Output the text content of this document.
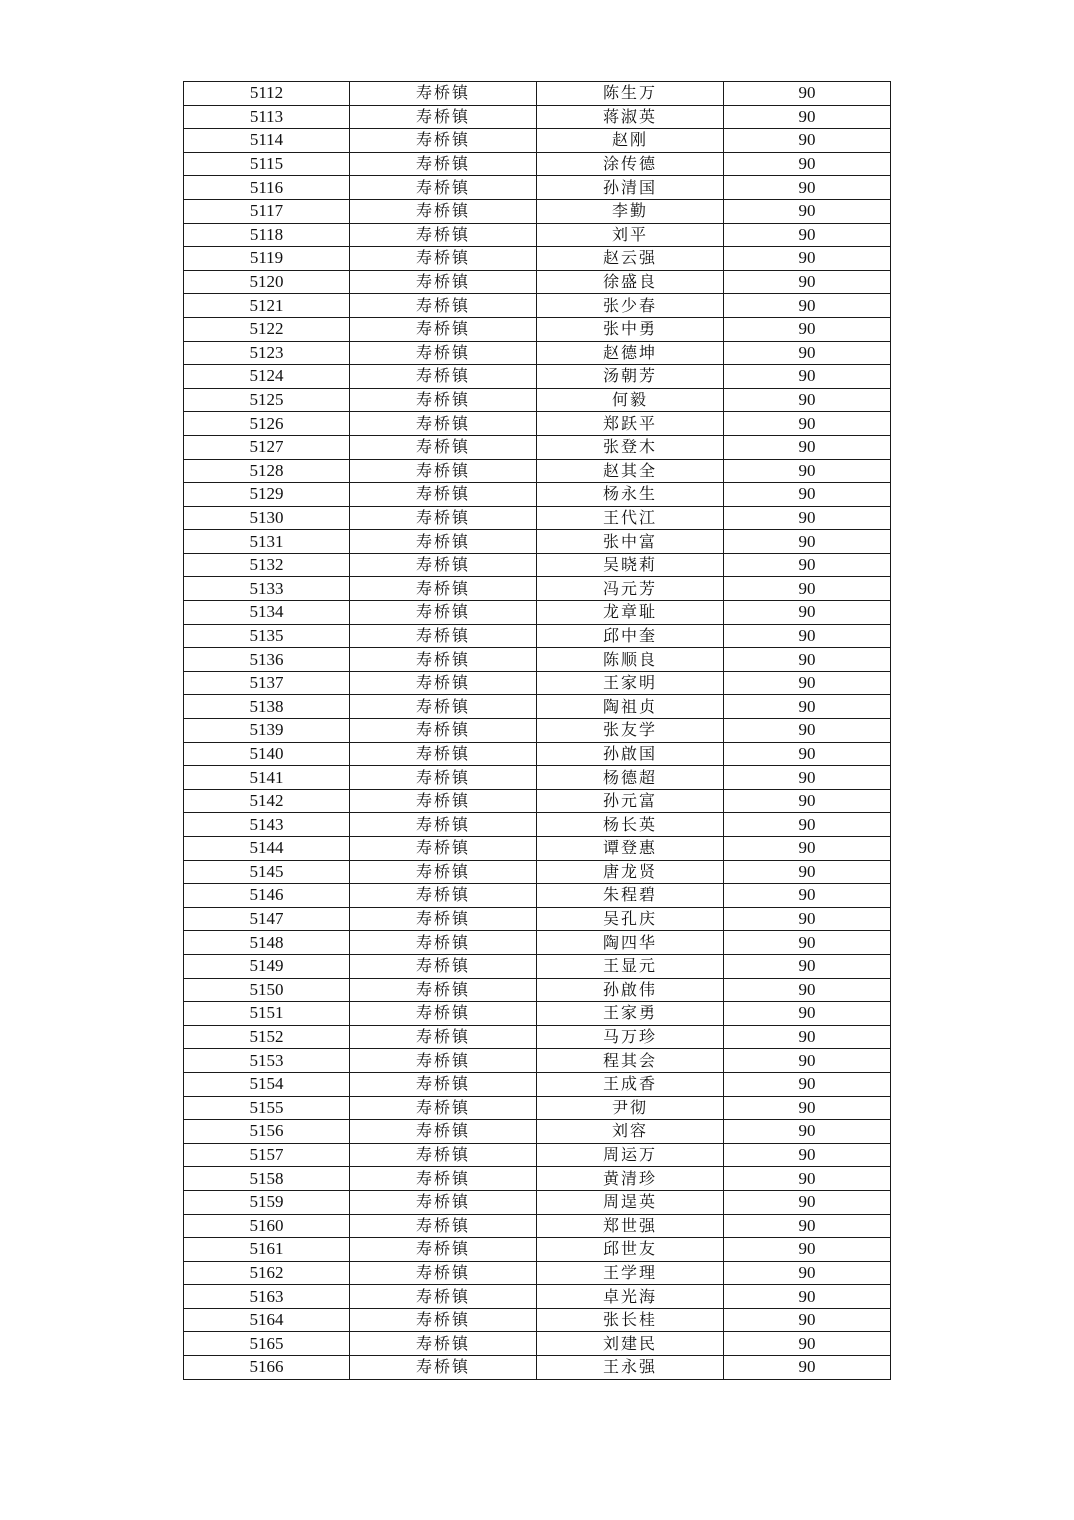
5112	寿桥镇	陈生万	90
5113	寿桥镇	蒋淑英	90
5114	寿桥镇	赵刚	90
5115	寿桥镇	涂传德	90
5116	寿桥镇	孙清国	90
5117	寿桥镇	李勤	90
5118	寿桥镇	刘平	90
5119	寿桥镇	赵云强	90
5120	寿桥镇	徐盛良	90
5121	寿桥镇	张少春	90
5122	寿桥镇	张中勇	90
5123	寿桥镇	赵德坤	90
5124	寿桥镇	汤朝芳	90
5125	寿桥镇	何毅	90
5126	寿桥镇	郑跃平	90
5127	寿桥镇	张登木	90
5128	寿桥镇	赵其全	90
5129	寿桥镇	杨永生	90
5130	寿桥镇	王代江	90
5131	寿桥镇	张中富	90
5132	寿桥镇	吴晓莉	90
5133	寿桥镇	冯元芳	90
5134	寿桥镇	龙章耻	90
5135	寿桥镇	邱中奎	90
5136	寿桥镇	陈顺良	90
5137	寿桥镇	王家明	90
5138	寿桥镇	陶祖贞	90
5139	寿桥镇	张友学	90
5140	寿桥镇	孙啟国	90
5141	寿桥镇	杨德超	90
5142	寿桥镇	孙元富	90
5143	寿桥镇	杨长英	90
5144	寿桥镇	谭登惠	90
5145	寿桥镇	唐龙贤	90
5146	寿桥镇	朱程碧	90
5147	寿桥镇	吴孔庆	90
5148	寿桥镇	陶四华	90
5149	寿桥镇	王显元	90
5150	寿桥镇	孙啟伟	90
5151	寿桥镇	王家勇	90
5152	寿桥镇	马万珍	90
5153	寿桥镇	程其会	90
5154	寿桥镇	王成香	90
5155	寿桥镇	尹彻	90
5156	寿桥镇	刘容	90
5157	寿桥镇	周运万	90
5158	寿桥镇	黄清珍	90
5159	寿桥镇	周逞英	90
5160	寿桥镇	郑世强	90
5161	寿桥镇	邱世友	90
5162	寿桥镇	王学理	90
5163	寿桥镇	卓光海	90
5164	寿桥镇	张长桂	90
5165	寿桥镇	刘建民	90
5166	寿桥镇	王永强	90
